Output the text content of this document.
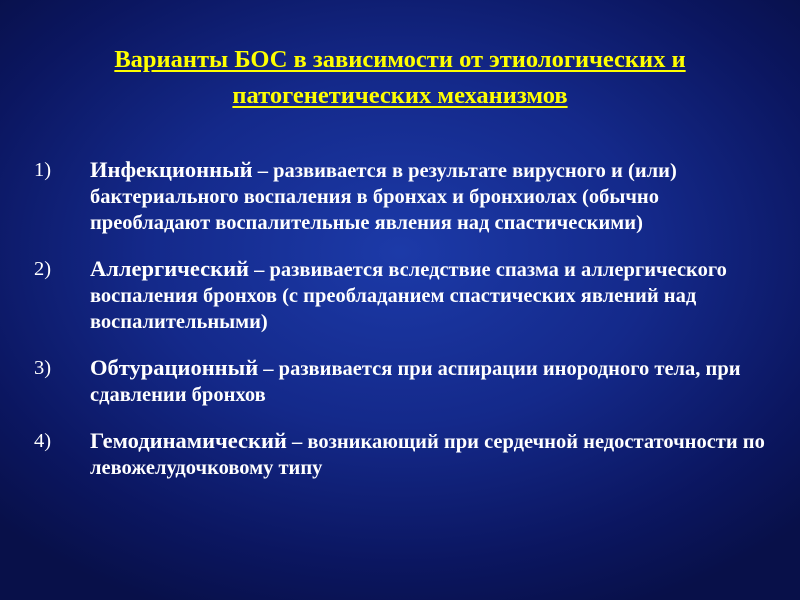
Варианты БОС в зависимости от этиологических и патогенетических механизмов
1)	Инфекционный – развивается в результате вирусного и (или) бактериального воспаления в бронхах и бронхиолах (обычно преобладают воспалительные явления над спастическими)
2)	Аллергический – развивается вследствие спазма и аллергического воспаления бронхов (с преобладанием спастических явлений над воспалительными)
3)	Обтурационный – развивается при аспирации инородного тела, при сдавлении бронхов
4)	Гемодинамический – возникающий при сердечной недостаточности по левожелудочковому типу
